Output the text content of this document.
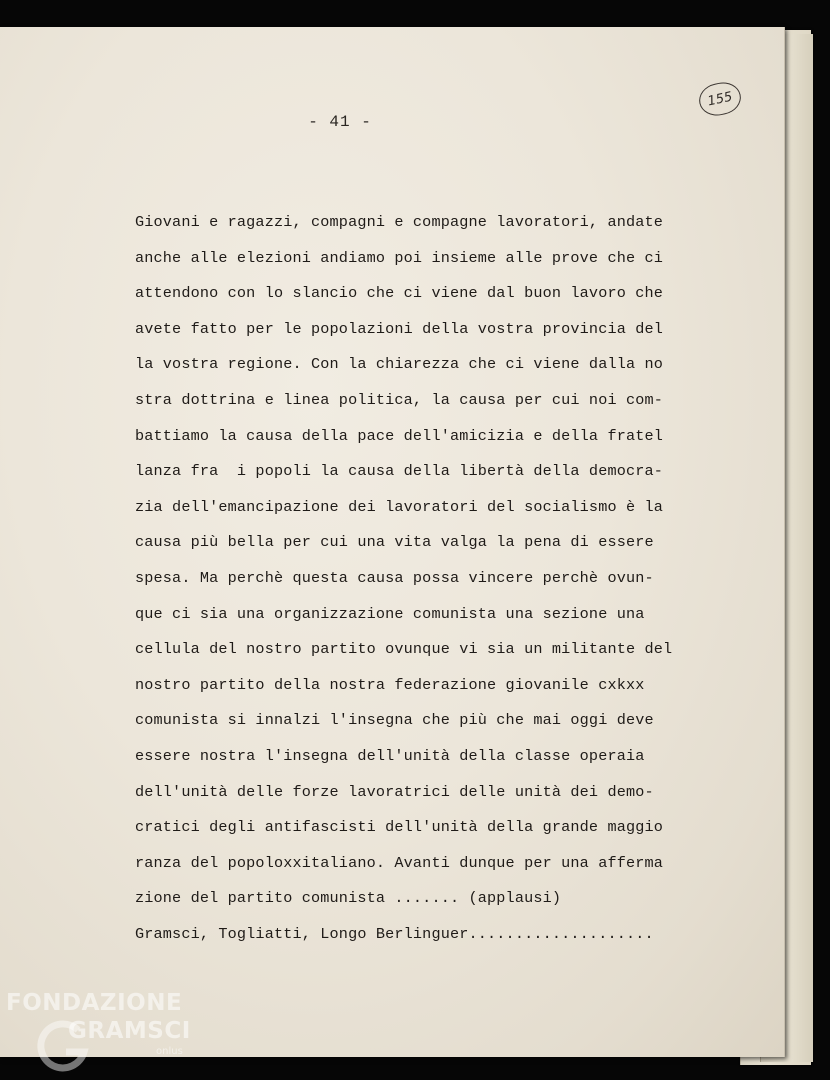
- 41 -
155
Giovani e ragazzi, compagni e compagne lavoratori, andate
anche alle elezioni andiamo poi insieme alle prove che ci
attendono con lo slancio che ci viene dal buon lavoro che
avete fatto per le popolazioni della vostra provincia del
la vostra regione. Con la chiarezza che ci viene dalla no
stra dottrina e linea politica, la causa per cui noi com-
battiamo la causa della pace dell'amicizia e della fratel
lanza fra  i popoli la causa della libertà della democra-
zia dell'emancipazione dei lavoratori del socialismo è la
causa più bella per cui una vita valga la pena di essere
spesa. Ma perchè questa causa possa vincere perchè ovun-
que ci sia una organizzazione comunista una sezione una
cellula del nostro partito ovunque vi sia un militante del
nostro partito della nostra federazione giovanile cxkxx
comunista si innalzi l'insegna che più che mai oggi deve
essere nostra l'insegna dell'unità della classe operaia
dell'unità delle forze lavoratrici delle unità dei demo-
cratici degli antifascisti dell'unità della grande maggio
ranza del popoloxxitaliano. Avanti dunque per una afferma
zione del partito comunista ....... (applausi)
Gramsci, Togliatti, Longo Berlinguer....................
FONDAZIONE
GRAMSCI
onlus
